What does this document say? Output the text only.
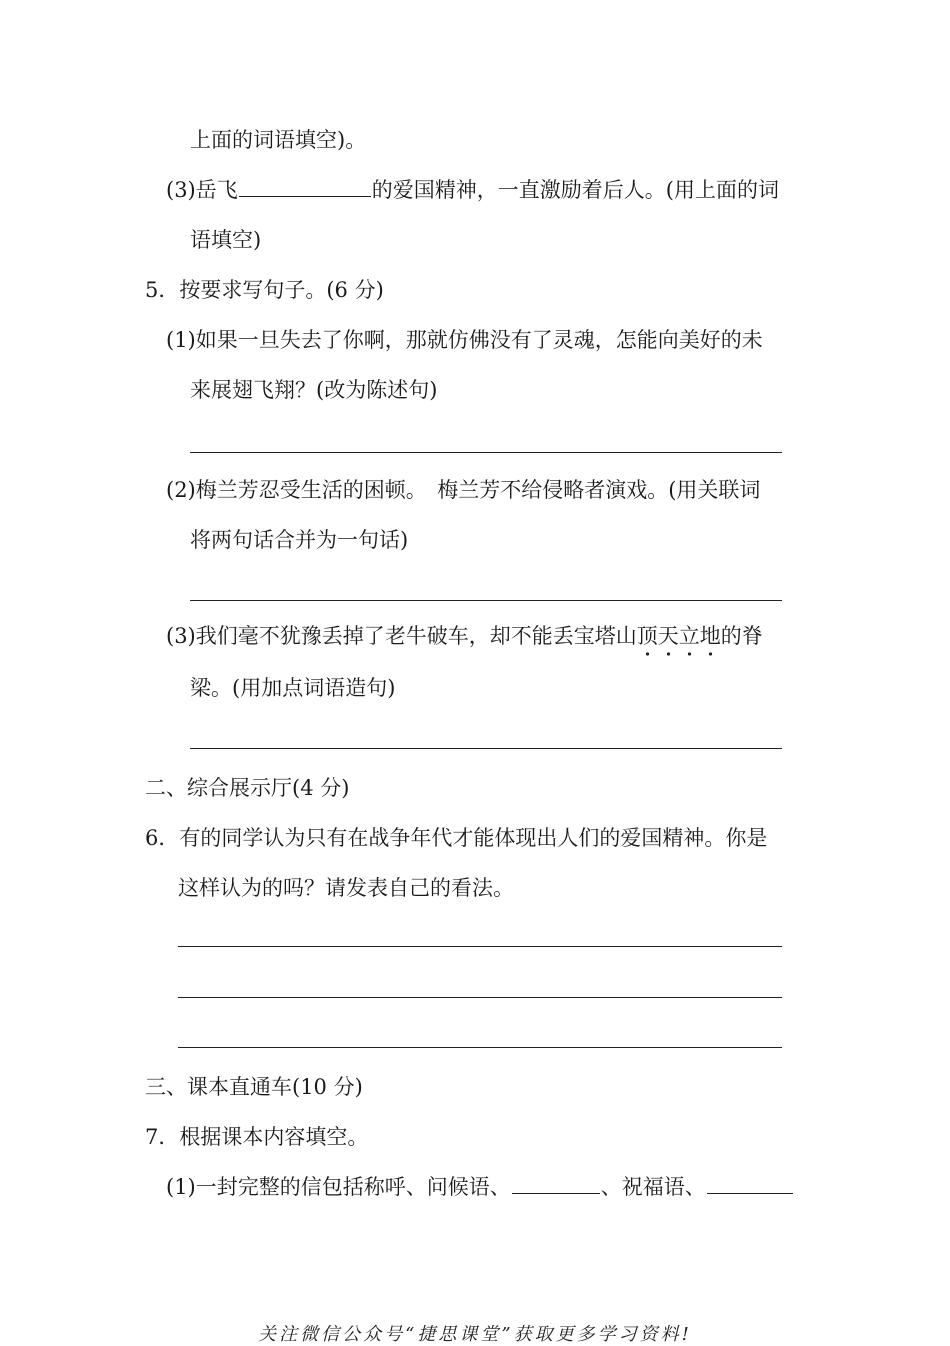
上面的词语填空)。
(3)岳飞	的爱国精神，一直激励着后人。(用上面的词
语填空)
5．按要求写句子。(6 分)
(1)如果一旦失去了你啊，那就仿佛没有了灵魂，怎能向美好的未
来展翅飞翔？(改为陈述句)
(2)梅兰芳忍受生活的困顿。　梅兰芳不给侵略者演戏。(用关联词
将两句话合并为一句话)
(3)我们毫不犹豫丢掉了老牛破车，却不能丢宝塔山顶天立地的脊
梁。(用加点词语造句)
二、综合展示厅(4 分)
6．有的同学认为只有在战争年代才能体现出人们的爱国精神。你是
这样认为的吗？请发表自己的看法。
三、课本直通车(10 分)
7．根据课本内容填空。
(1)一封完整的信包括称呼、问候语、	、祝福语、
关注微信公众号“捷思课堂”获取更多学习资料!
